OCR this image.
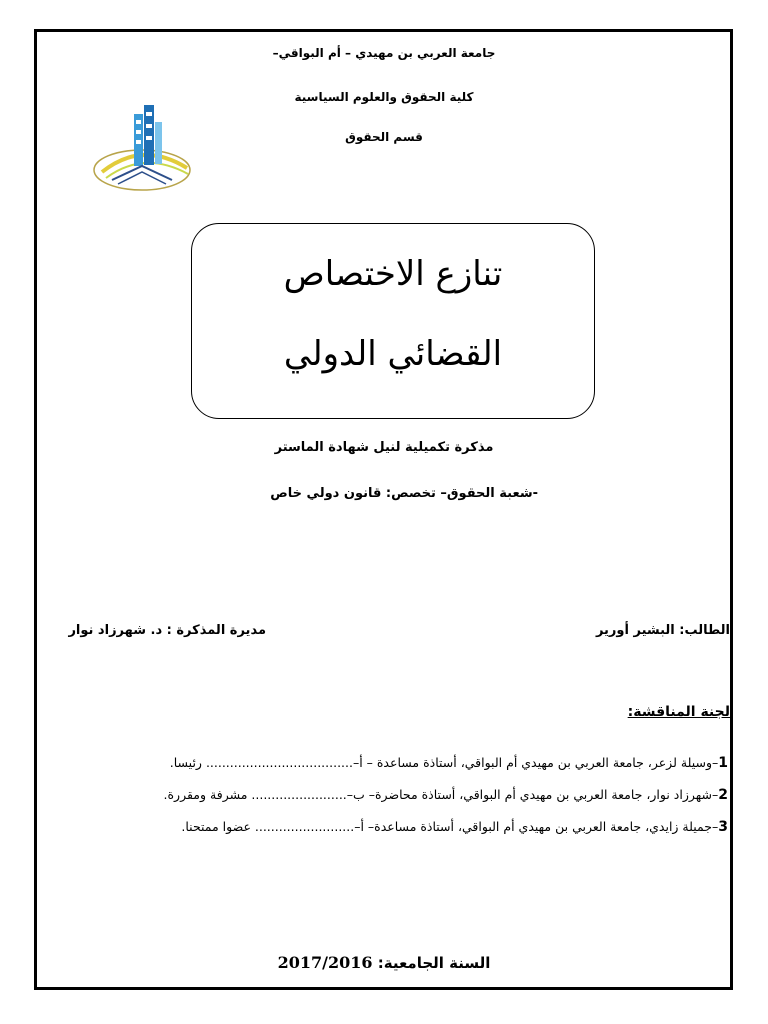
جامعة العربي بن مهيدي – أم البواقي–
كلية الحقوق والعلوم السياسية
قسم الحقوق
تنازع الاختصاص
القضائي الدولي
مذكرة تكميلية لنيل شهادة الماستر
-شعبة الحقوق– تخصص: قانون دولي خاص
الطالب: البشير أورير
مديرة المذكرة : د. شهرزاد نوار
لجنة المناقشة:
1–وسيلة لزعر، جامعة العربي بن مهيدي أم البواقي، أستاذة مساعدة – أ–..................................... رئيسا.
2–شهرزاد نوار، جامعة العربي بن مهيدي أم البواقي، أستاذة محاضرة– ب–........................ مشرفة ومقررة.
3–جميلة زايدي، جامعة العربي بن مهيدي أم البواقي، أستاذة مساعدة– أ–......................... عضوا ممتحنا.
السنة الجامعية: 2017/2016
